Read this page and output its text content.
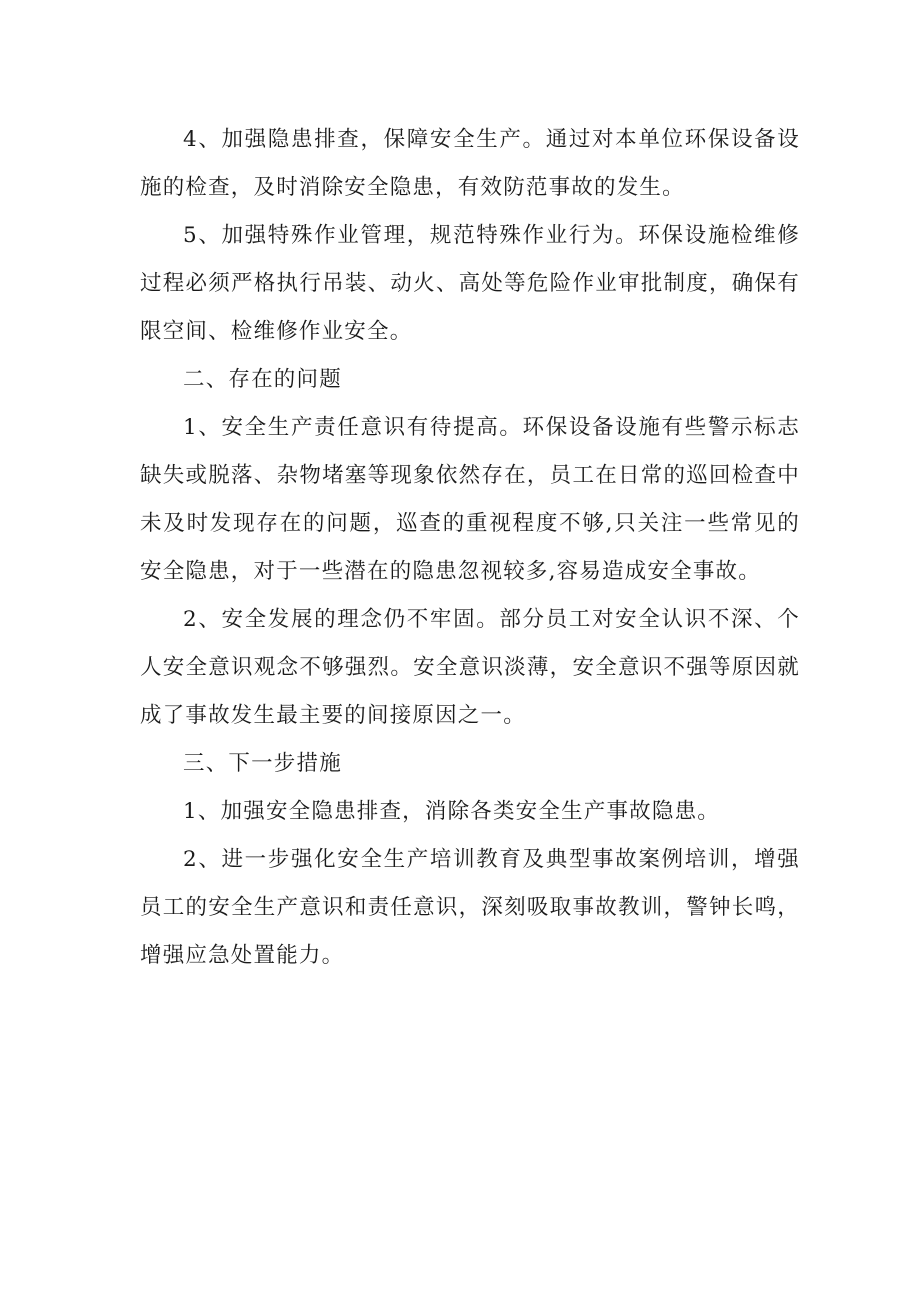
4、加强隐患排查，保障安全生产。通过对本单位环保设备设施的检查，及时消除安全隐患，有效防范事故的发生。

5、加强特殊作业管理，规范特殊作业行为。环保设施检维修过程必须严格执行吊装、动火、高处等危险作业审批制度，确保有限空间、检维修作业安全。

二、存在的问题

1、安全生产责任意识有待提高。环保设备设施有些警示标志缺失或脱落、杂物堵塞等现象依然存在，员工在日常的巡回检查中未及时发现存在的问题，巡查的重视程度不够,只关注一些常见的安全隐患，对于一些潜在的隐患忽视较多,容易造成安全事故。

2、安全发展的理念仍不牢固。部分员工对安全认识不深、个人安全意识观念不够强烈。安全意识淡薄，安全意识不强等原因就成了事故发生最主要的间接原因之一。

三、下一步措施

1、加强安全隐患排查，消除各类安全生产事故隐患。

2、进一步强化安全生产培训教育及典型事故案例培训，增强员工的安全生产意识和责任意识，深刻吸取事故教训，警钟长鸣，增强应急处置能力。
